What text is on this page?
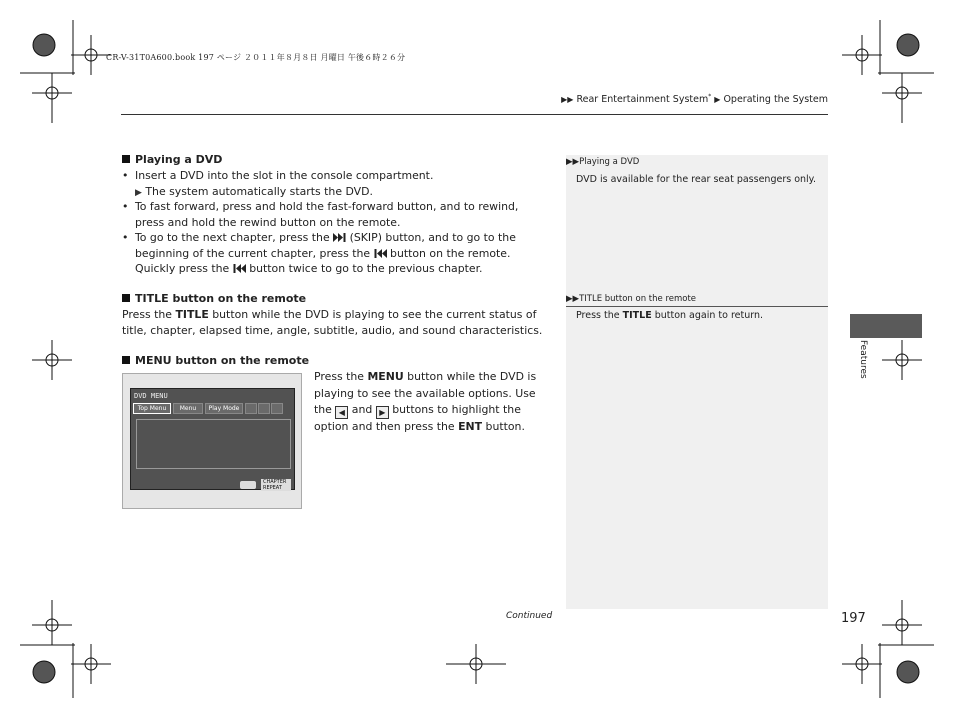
CR-V-31T0A600.book 197 ページ ２０１１年８月８日 月曜日 午後６時２６分
▶▶ Rear Entertainment System* ▶ Operating the System
Playing a DVD
• Insert a DVD into the slot in the console compartment.
▶ The system automatically starts the DVD.
• To fast forward, press and hold the fast-forward button, and to rewind, press and hold the rewind button on the remote.
• To go to the next chapter, press the (SKIP) button, and to go to the beginning of the current chapter, press the button on the remote. Quickly press the button twice to go to the previous chapter.
TITLE button on the remote
Press the TITLE button while the DVD is playing to see the current status of title, chapter, elapsed time, angle, subtitle, audio, and sound characteristics.
MENU button on the remote
Press the MENU button while the DVD is playing to see the available options. Use the ◀ and ▶ buttons to highlight the option and then press the ENT button.
DVD MENU
Top Menu	Menu	Play Mode
CHAPTER REPEAT
▶▶Playing a DVD
DVD is available for the rear seat passengers only.
▶▶TITLE button on the remote
Press the TITLE button again to return.
Features
Continued	197
